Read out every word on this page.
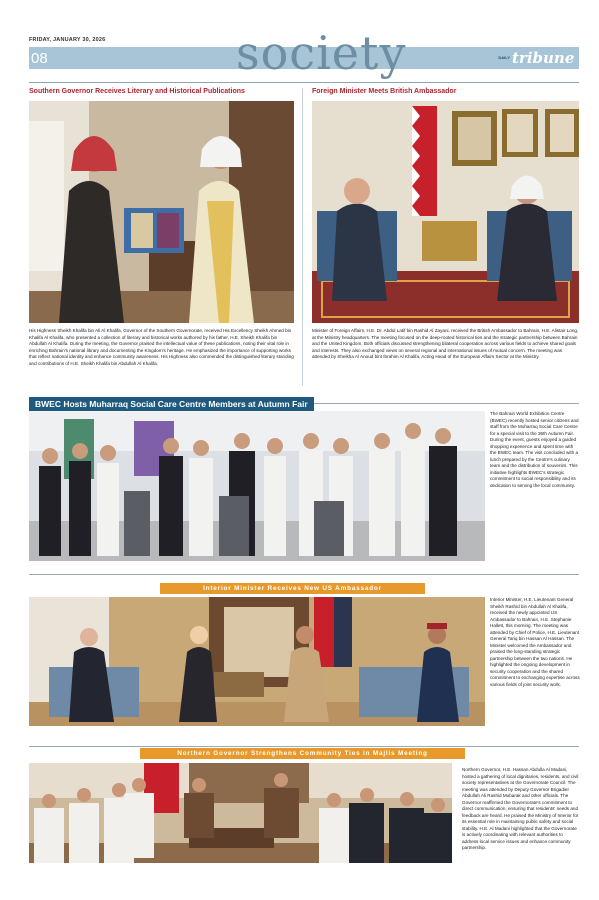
FRIDAY, JANUARY 30, 2026
08	society	DAILY tribune
Southern Governor Receives Literary and Historical Publications
His Highness Sheikh Khalifa bin Ali Al Khalifa, Governor of the Southern Governorate, received His Excellency Sheikh Ahmed bin Khalifa Al Khalifa, who presented a collection of literary and historical works authored by his father, H.E. Sheikh Khalifa bin Abdullah Al Khalifa. During the meeting, the Governor praised the intellectual value of these publications, noting their vital role in enriching Bahrain's national library and documenting the Kingdom's heritage. He emphasized the importance of supporting works that reflect national identity and enhance community awareness. His Highness also commended the distinguished literary standing and contributions of H.E. Sheikh Khalifa bin Abdullah Al Khalifa.
Foreign Minister Meets British Ambassador
Minister of Foreign Affairs, H.E. Dr. Abdul Latif bin Rashid Al Zayani, received the British Ambassador to Bahrain, H.E. Alistair Long, at the Ministry headquarters. The meeting focused on the deep-rooted historical ties and the strategic partnership between Bahrain and the United Kingdom. Both officials discussed strengthening bilateral cooperation across various fields to achieve shared goals and interests. They also exchanged views on several regional and international issues of mutual concern. The meeting was attended by Sheikha Al Anoud bint Ibrahim Al Khalifa, Acting Head of the European Affairs Sector at the Ministry.
BWEC Hosts Muharraq Social Care Centre Members at Autumn Fair
The Bahrain World Exhibition Centre (BWEC) recently hosted senior citizens and staff from the Muharraq Social Care Centre for a special visit to the 36th Autumn Fair. During the event, guests enjoyed a guided shopping experience and spent time with the BWEC team. The visit concluded with a lunch prepared by the Centre's culinary team and the distribution of souvenirs. This initiative highlights BWEC's strategic commitment to social responsibility and its dedication to serving the local community.
Interior Minister Receives New US Ambassador
Interior Minister, H.E. Lieutenant General Sheikh Rashid bin Abdullah Al Khalifa, received the newly appointed US Ambassador to Bahrain, H.E. Stephanie Hallett, this morning. The meeting was attended by Chief of Police, H.E. Lieutenant General Tariq bin Hassan Al Hassan. The Minister welcomed the Ambassador and praised the long-standing strategic partnership between the two nations. He highlighted the ongoing development in security cooperation and the shared commitment to exchanging expertise across various fields of joint security work.
Northern Governor Strengthens Community Ties in Majlis Meeting
Northern Governor, H.E. Hassan Abdulla Al Madani, hosted a gathering of local dignitaries, residents, and civil society representatives at the Governorate Council. The meeting was attended by Deputy Governor Brigadier Abdullah Ali Rashid Mubarak and other officials. The Governor reaffirmed the Governorate's commitment to direct communication, ensuring that residents' needs and feedback are heard. He praised the Ministry of Interior for its essential role in maintaining public safety and social stability. H.E. Al Madani highlighted that the Governorate is actively coordinating with relevant authorities to address local service issues and enhance community partnership.
